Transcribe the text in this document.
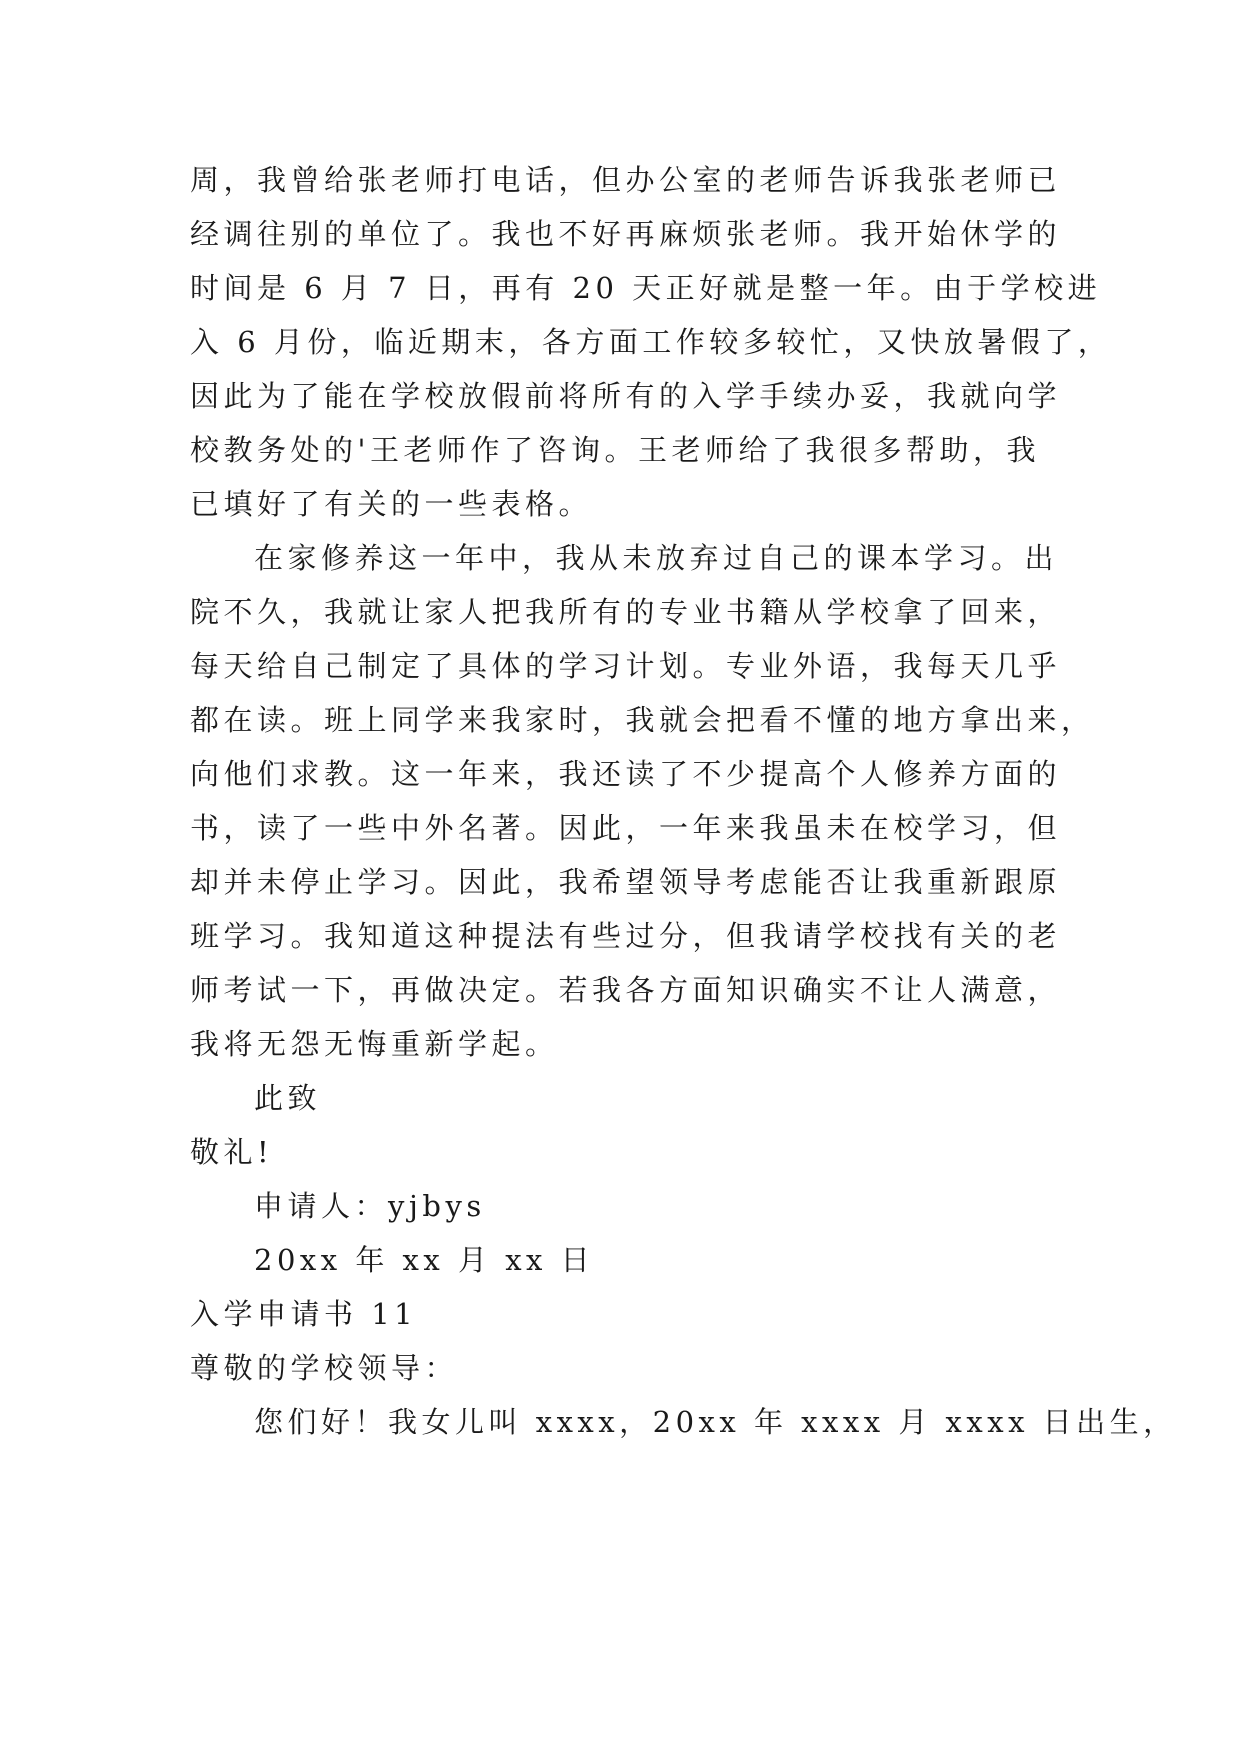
周，我曾给张老师打电话，但办公室的老师告诉我张老师已
经调往别的单位了。我也不好再麻烦张老师。我开始休学的
时间是 6 月 7 日，再有 20 天正好就是整一年。由于学校进
入 6 月份，临近期末，各方面工作较多较忙，又快放暑假了，
因此为了能在学校放假前将所有的入学手续办妥，我就向学
校教务处的'王老师作了咨询。王老师给了我很多帮助，我
已填好了有关的一些表格。
在家修养这一年中，我从未放弃过自己的课本学习。出
院不久，我就让家人把我所有的专业书籍从学校拿了回来，
每天给自己制定了具体的学习计划。专业外语，我每天几乎
都在读。班上同学来我家时，我就会把看不懂的地方拿出来，
向他们求教。这一年来，我还读了不少提高个人修养方面的
书，读了一些中外名著。因此，一年来我虽未在校学习，但
却并未停止学习。因此，我希望领导考虑能否让我重新跟原
班学习。我知道这种提法有些过分，但我请学校找有关的老
师考试一下，再做决定。若我各方面知识确实不让人满意，
我将无怨无悔重新学起。
此致
敬礼!
申请人：yjbys
20xx 年 xx 月 xx 日
入学申请书 11
尊敬的学校领导：
您们好！我女儿叫 xxxx，20xx 年 xxxx 月 xxxx 日出生，
